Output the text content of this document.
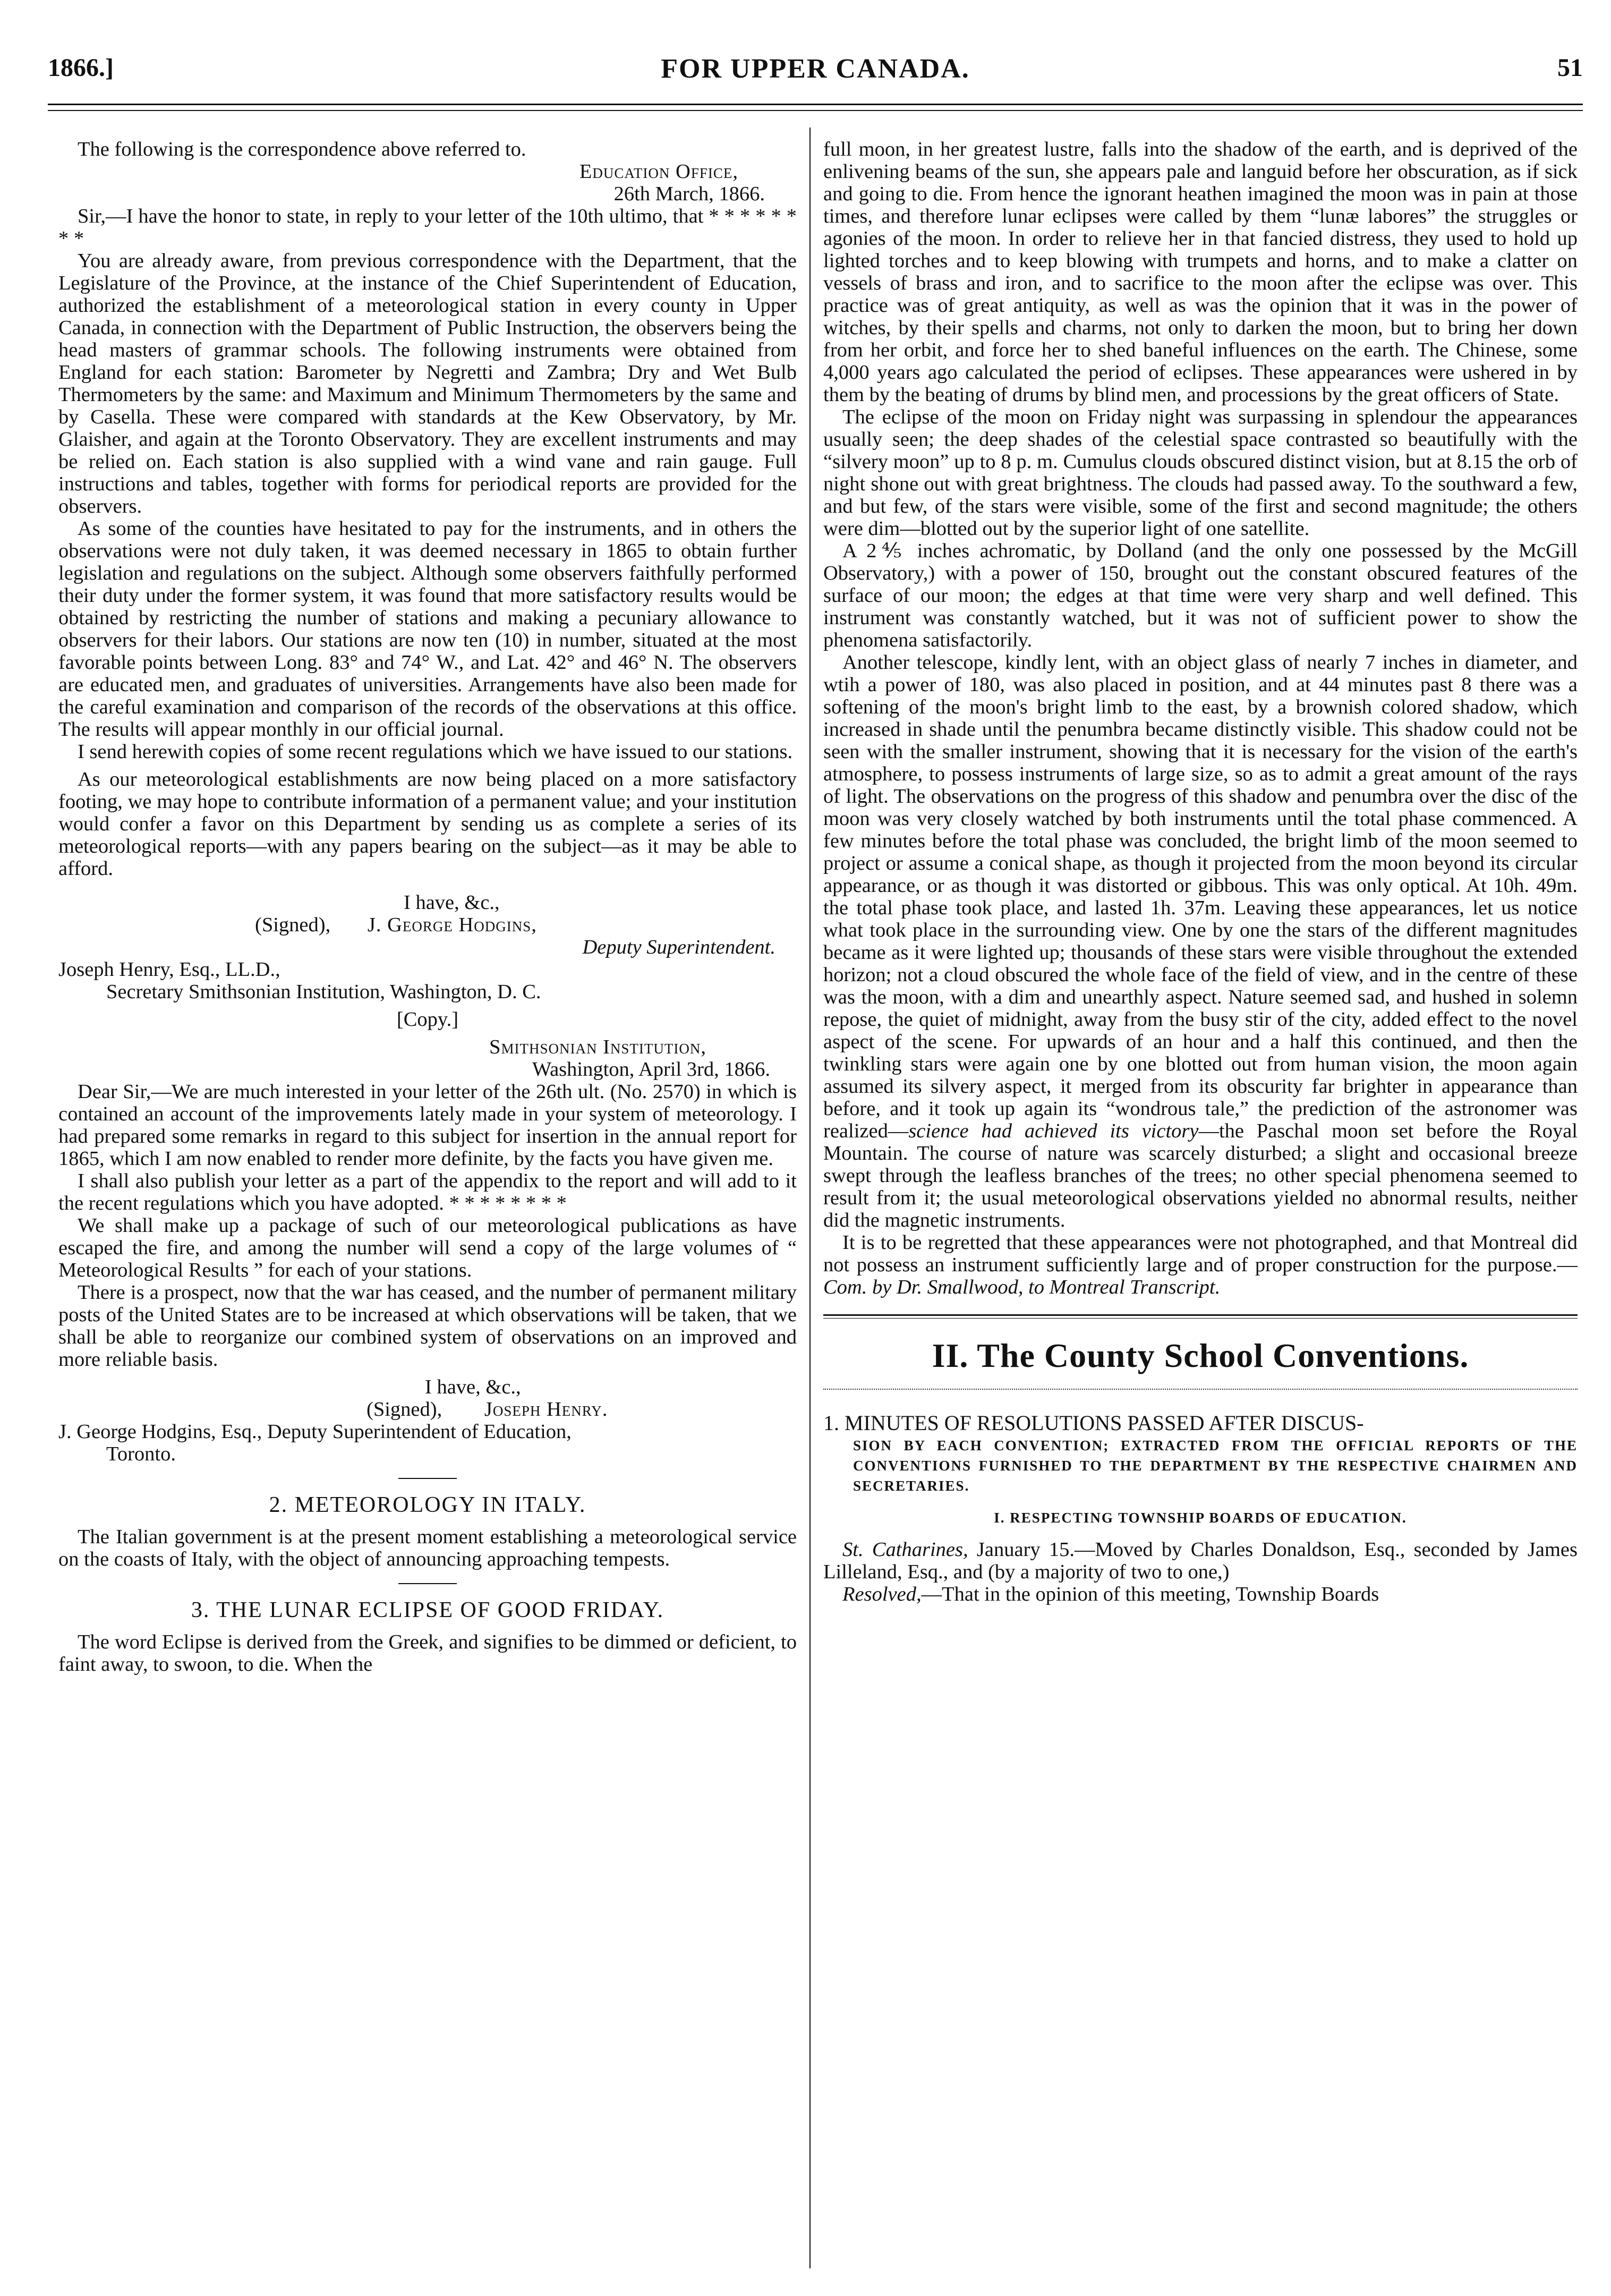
1866.]	FOR UPPER CANADA.	51

The following is the correspondence above referred to.

Education Office,

26th March, 1866.

Sir,—I have the honor to state, in reply to your letter of the 10th ultimo, that * * * * * * * *

You are already aware, from previous correspondence with the Department, that the Legislature of the Province, at the instance of the Chief Superintendent of Education, authorized the establishment of a meteorological station in every county in Upper Canada, in connection with the Department of Public Instruction, the observers being the head masters of grammar schools. The following instruments were obtained from England for each station: Barometer by Negretti and Zambra; Dry and Wet Bulb Thermometers by the same: and Maximum and Minimum Thermometers by the same and by Casella. These were compared with standards at the Kew Observatory, by Mr. Glaisher, and again at the Toronto Observatory. They are excellent instruments and may be relied on. Each station is also supplied with a wind vane and rain gauge. Full instructions and tables, together with forms for periodical reports are provided for the observers.

As some of the counties have hesitated to pay for the instruments, and in others the observations were not duly taken, it was deemed necessary in 1865 to obtain further legislation and regulations on the subject. Although some observers faithfully performed their duty under the former system, it was found that more satisfactory results would be obtained by restricting the number of stations and making a pecuniary allowance to observers for their labors. Our stations are now ten (10) in number, situated at the most favorable points between Long. 83° and 74° W., and Lat. 42° and 46° N. The observers are educated men, and graduates of universities. Arrangements have also been made for the careful examination and comparison of the records of the observations at this office. The results will appear monthly in our official journal.

I send herewith copies of some recent regulations which we have issued to our stations.

As our meteorological establishments are now being placed on a more satisfactory footing, we may hope to contribute information of a permanent value; and your institution would confer a favor on this Department by sending us as complete a series of its meteorological reports—with any papers bearing on the subject—as it may be able to afford.

I have, &c.,
(Signed), J. George Hodgins,
Deputy Superintendent.
Joseph Henry, Esq., LL.D.,
Secretary Smithsonian Institution, Washington, D. C.

[Copy.]

Smithsonian Institution,

Washington, April 3rd, 1866.

Dear Sir,—We are much interested in your letter of the 26th ult. (No. 2570) in which is contained an account of the improvements lately made in your system of meteorology. I had prepared some remarks in regard to this subject for insertion in the annual report for 1865, which I am now enabled to render more definite, by the facts you have given me.

I shall also publish your letter as a part of the appendix to the report and will add to it the recent regulations which you have adopted. * * * * * * * *

We shall make up a package of such of our meteorological publications as have escaped the fire, and among the number will send a copy of the large volumes of “ Meteorological Results ” for each of your stations.

There is a prospect, now that the war has ceased, and the number of permanent military posts of the United States are to be increased at which observations will be taken, that we shall be able to reorganize our combined system of observations on an improved and more reliable basis.

I have, &c.,
(Signed), Joseph Henry.
J. George Hodgins, Esq., Deputy Superintendent of Education,
Toronto.

2. METEOROLOGY IN ITALY.

The Italian government is at the present moment establishing a meteorological service on the coasts of Italy, with the object of announcing approaching tempests.

3. THE LUNAR ECLIPSE OF GOOD FRIDAY.

The word Eclipse is derived from the Greek, and signifies to be dimmed or deficient, to faint away, to swoon, to die. When the

full moon, in her greatest lustre, falls into the shadow of the earth, and is deprived of the enlivening beams of the sun, she appears pale and languid before her obscuration, as if sick and going to die. From hence the ignorant heathen imagined the moon was in pain at those times, and therefore lunar eclipses were called by them “lunæ labores” the struggles or agonies of the moon. In order to relieve her in that fancied distress, they used to hold up lighted torches and to keep blowing with trumpets and horns, and to make a clatter on vessels of brass and iron, and to sacrifice to the moon after the eclipse was over. This practice was of great antiquity, as well as was the opinion that it was in the power of witches, by their spells and charms, not only to darken the moon, but to bring her down from her orbit, and force her to shed baneful influences on the earth. The Chinese, some 4,000 years ago calculated the period of eclipses. These appearances were ushered in by them by the beating of drums by blind men, and processions by the great officers of State.

The eclipse of the moon on Friday night was surpassing in splendour the appearances usually seen; the deep shades of the celestial space contrasted so beautifully with the “silvery moon” up to 8 p. m. Cumulus clouds obscured distinct vision, but at 8.15 the orb of night shone out with great brightness. The clouds had passed away. To the southward a few, and but few, of the stars were visible, some of the first and second magnitude; the others were dim—blotted out by the superior light of one satellite.

A 2⅘ inches achromatic, by Dolland (and the only one possessed by the McGill Observatory,) with a power of 150, brought out the constant obscured features of the surface of our moon; the edges at that time were very sharp and well defined. This instrument was constantly watched, but it was not of sufficient power to show the phenomena satisfactorily.

Another telescope, kindly lent, with an object glass of nearly 7 inches in diameter, and wtih a power of 180, was also placed in position, and at 44 minutes past 8 there was a softening of the moon's bright limb to the east, by a brownish colored shadow, which increased in shade until the penumbra became distinctly visible. This shadow could not be seen with the smaller instrument, showing that it is necessary for the vision of the earth's atmosphere, to possess instruments of large size, so as to admit a great amount of the rays of light. The observations on the progress of this shadow and penumbra over the disc of the moon was very closely watched by both instruments until the total phase commenced. A few minutes before the total phase was concluded, the bright limb of the moon seemed to project or assume a conical shape, as though it projected from the moon beyond its circular appearance, or as though it was distorted or gibbous. This was only optical. At 10h. 49m. the total phase took place, and lasted 1h. 37m. Leaving these appearances, let us notice what took place in the surrounding view. One by one the stars of the different magnitudes became as it were lighted up; thousands of these stars were visible throughout the extended horizon; not a cloud obscured the whole face of the field of view, and in the centre of these was the moon, with a dim and unearthly aspect. Nature seemed sad, and hushed in solemn repose, the quiet of midnight, away from the busy stir of the city, added effect to the novel aspect of the scene. For upwards of an hour and a half this continued, and then the twinkling stars were again one by one blotted out from human vision, the moon again assumed its silvery aspect, it merged from its obscurity far brighter in appearance than before, and it took up again its “wondrous tale,” the prediction of the astronomer was realized—science had achieved its victory—the Paschal moon set before the Royal Mountain. The course of nature was scarcely disturbed; a slight and occasional breeze swept through the leafless branches of the trees; no other special phenomena seemed to result from it; the usual meteorological observations yielded no abnormal results, neither did the magnetic instruments.

It is to be regretted that these appearances were not photographed, and that Montreal did not possess an instrument sufficiently large and of proper construction for the purpose.—Com. by Dr. Smallwood, to Montreal Transcript.

II. The County School Conventions.

1. MINUTES OF RESOLUTIONS PASSED AFTER DISCUS-

SION BY EACH CONVENTION; EXTRACTED FROM THE OFFICIAL REPORTS OF THE CONVENTIONS FURNISHED TO THE DEPARTMENT BY THE RESPECTIVE CHAIRMEN AND SECRETARIES.

I. RESPECTING TOWNSHIP BOARDS OF EDUCATION.

St. Catharines, January 15.—Moved by Charles Donaldson, Esq., seconded by James Lilleland, Esq., and (by a majority of two to one,)

Resolved,—That in the opinion of this meeting, Township Boards
